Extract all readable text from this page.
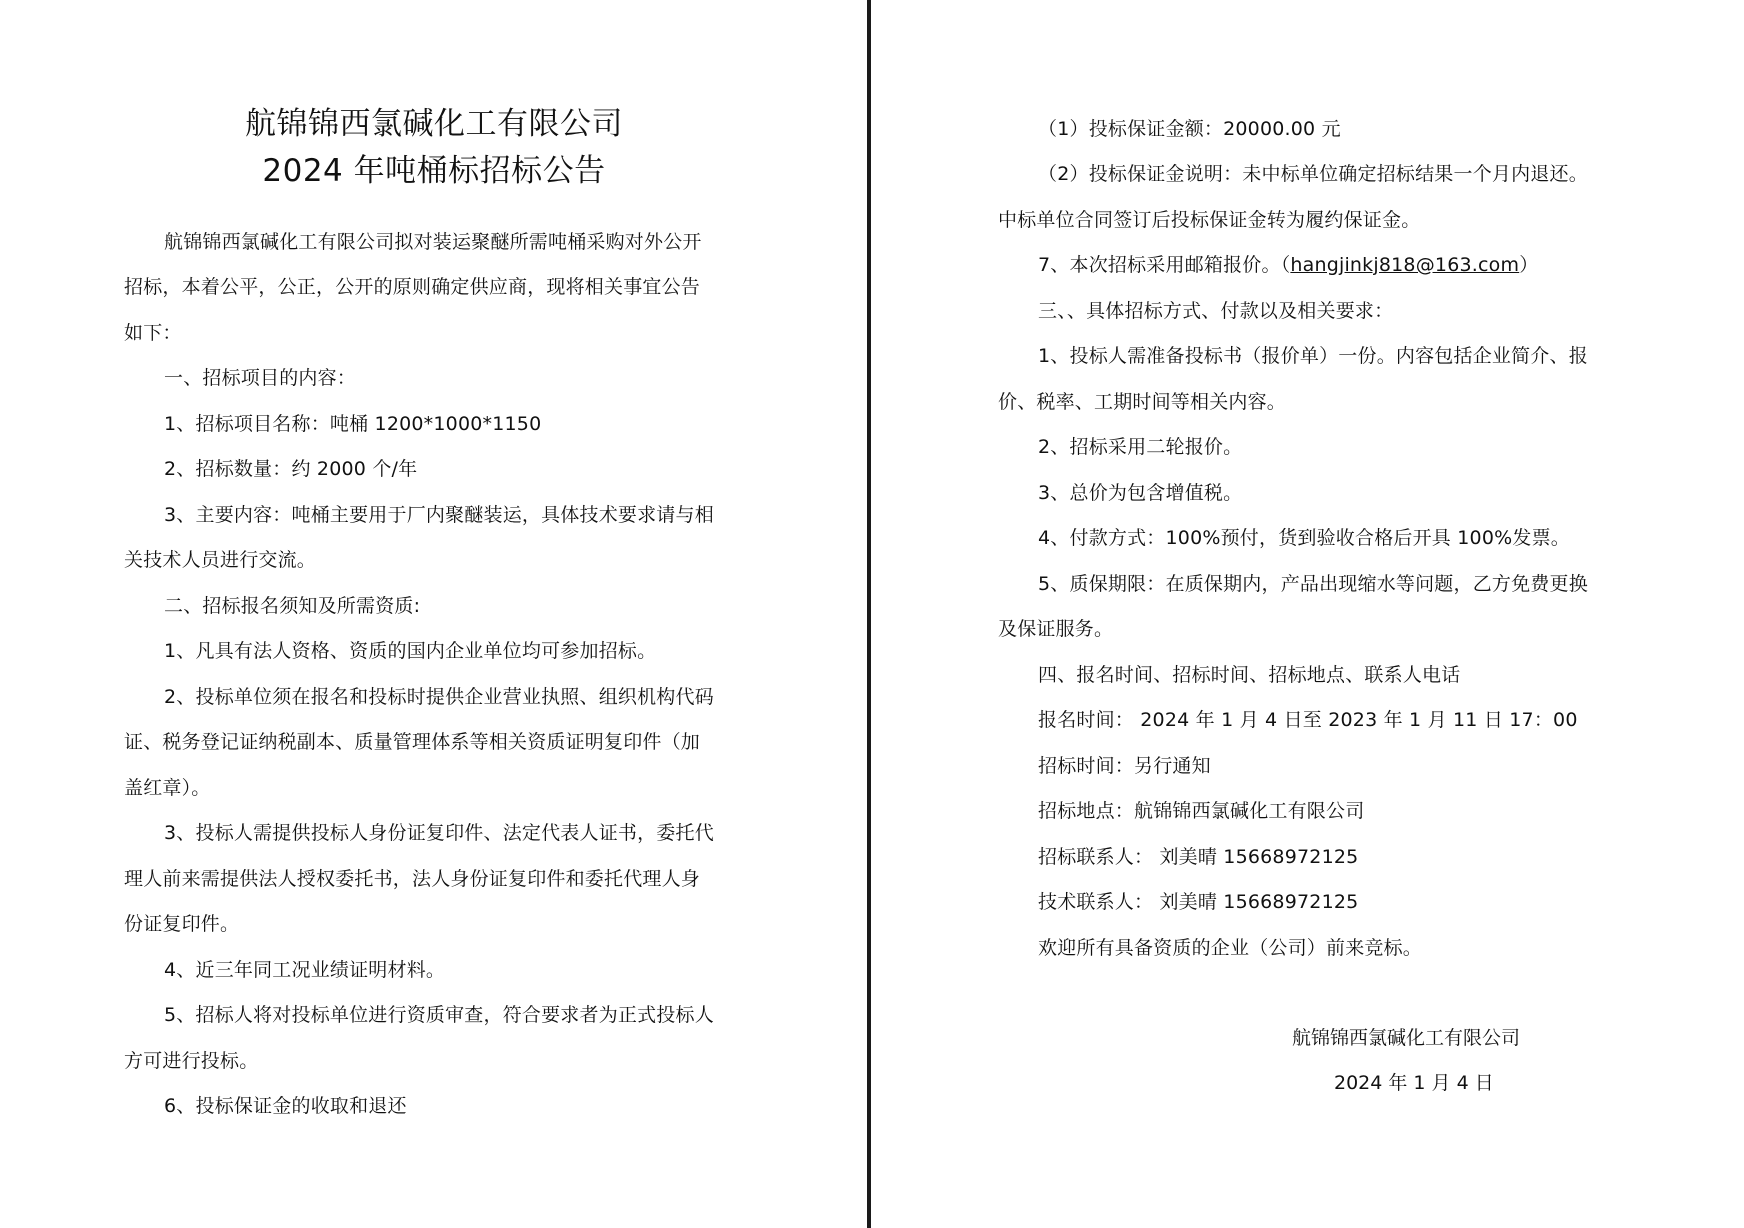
航锦锦西氯碱化工有限公司
2024 年吨桶标招标公告
航锦锦西氯碱化工有限公司拟对装运聚醚所需吨桶采购对外公开
招标，本着公平，公正，公开的原则确定供应商，现将相关事宜公告
如下：
一、招标项目的内容：
1、招标项目名称：吨桶 1200*1000*1150
2、招标数量：约 2000 个/年
3、主要内容：吨桶主要用于厂内聚醚装运，具体技术要求请与相
关技术人员进行交流。
二、招标报名须知及所需资质:
1、凡具有法人资格、资质的国内企业单位均可参加招标。
2、投标单位须在报名和投标时提供企业营业执照、组织机构代码
证、税务登记证纳税副本、质量管理体系等相关资质证明复印件（加
盖红章）。
3、投标人需提供投标人身份证复印件、法定代表人证书，委托代
理人前来需提供法人授权委托书，法人身份证复印件和委托代理人身
份证复印件。
4、近三年同工况业绩证明材料。
5、招标人将对投标单位进行资质审查，符合要求者为正式投标人
方可进行投标。
6、投标保证金的收取和退还
（1）投标保证金额：20000.00 元
（2）投标保证金说明：未中标单位确定招标结果一个月内退还。
中标单位合同签订后投标保证金转为履约保证金。
7、本次招标采用邮箱报价。（hangjinkj818@163.com）
三、、具体招标方式、付款以及相关要求：
1、投标人需准备投标书（报价单）一份。内容包括企业简介、报
价、税率、工期时间等相关内容。
2、招标采用二轮报价。
3、总价为包含增值税。
4、付款方式：100%预付，货到验收合格后开具 100%发票。
5、质保期限：在质保期内，产品出现缩水等问题，乙方免费更换
及保证服务。
四、报名时间、招标时间、招标地点、联系人电话
报名时间： 2024 年 1 月 4 日至 2023 年 1 月 11 日 17：00
招标时间：另行通知
招标地点：航锦锦西氯碱化工有限公司
招标联系人： 刘美晴 15668972125
技术联系人： 刘美晴 15668972125
欢迎所有具备资质的企业（公司）前来竞标。
航锦锦西氯碱化工有限公司
2024 年 1 月 4 日
